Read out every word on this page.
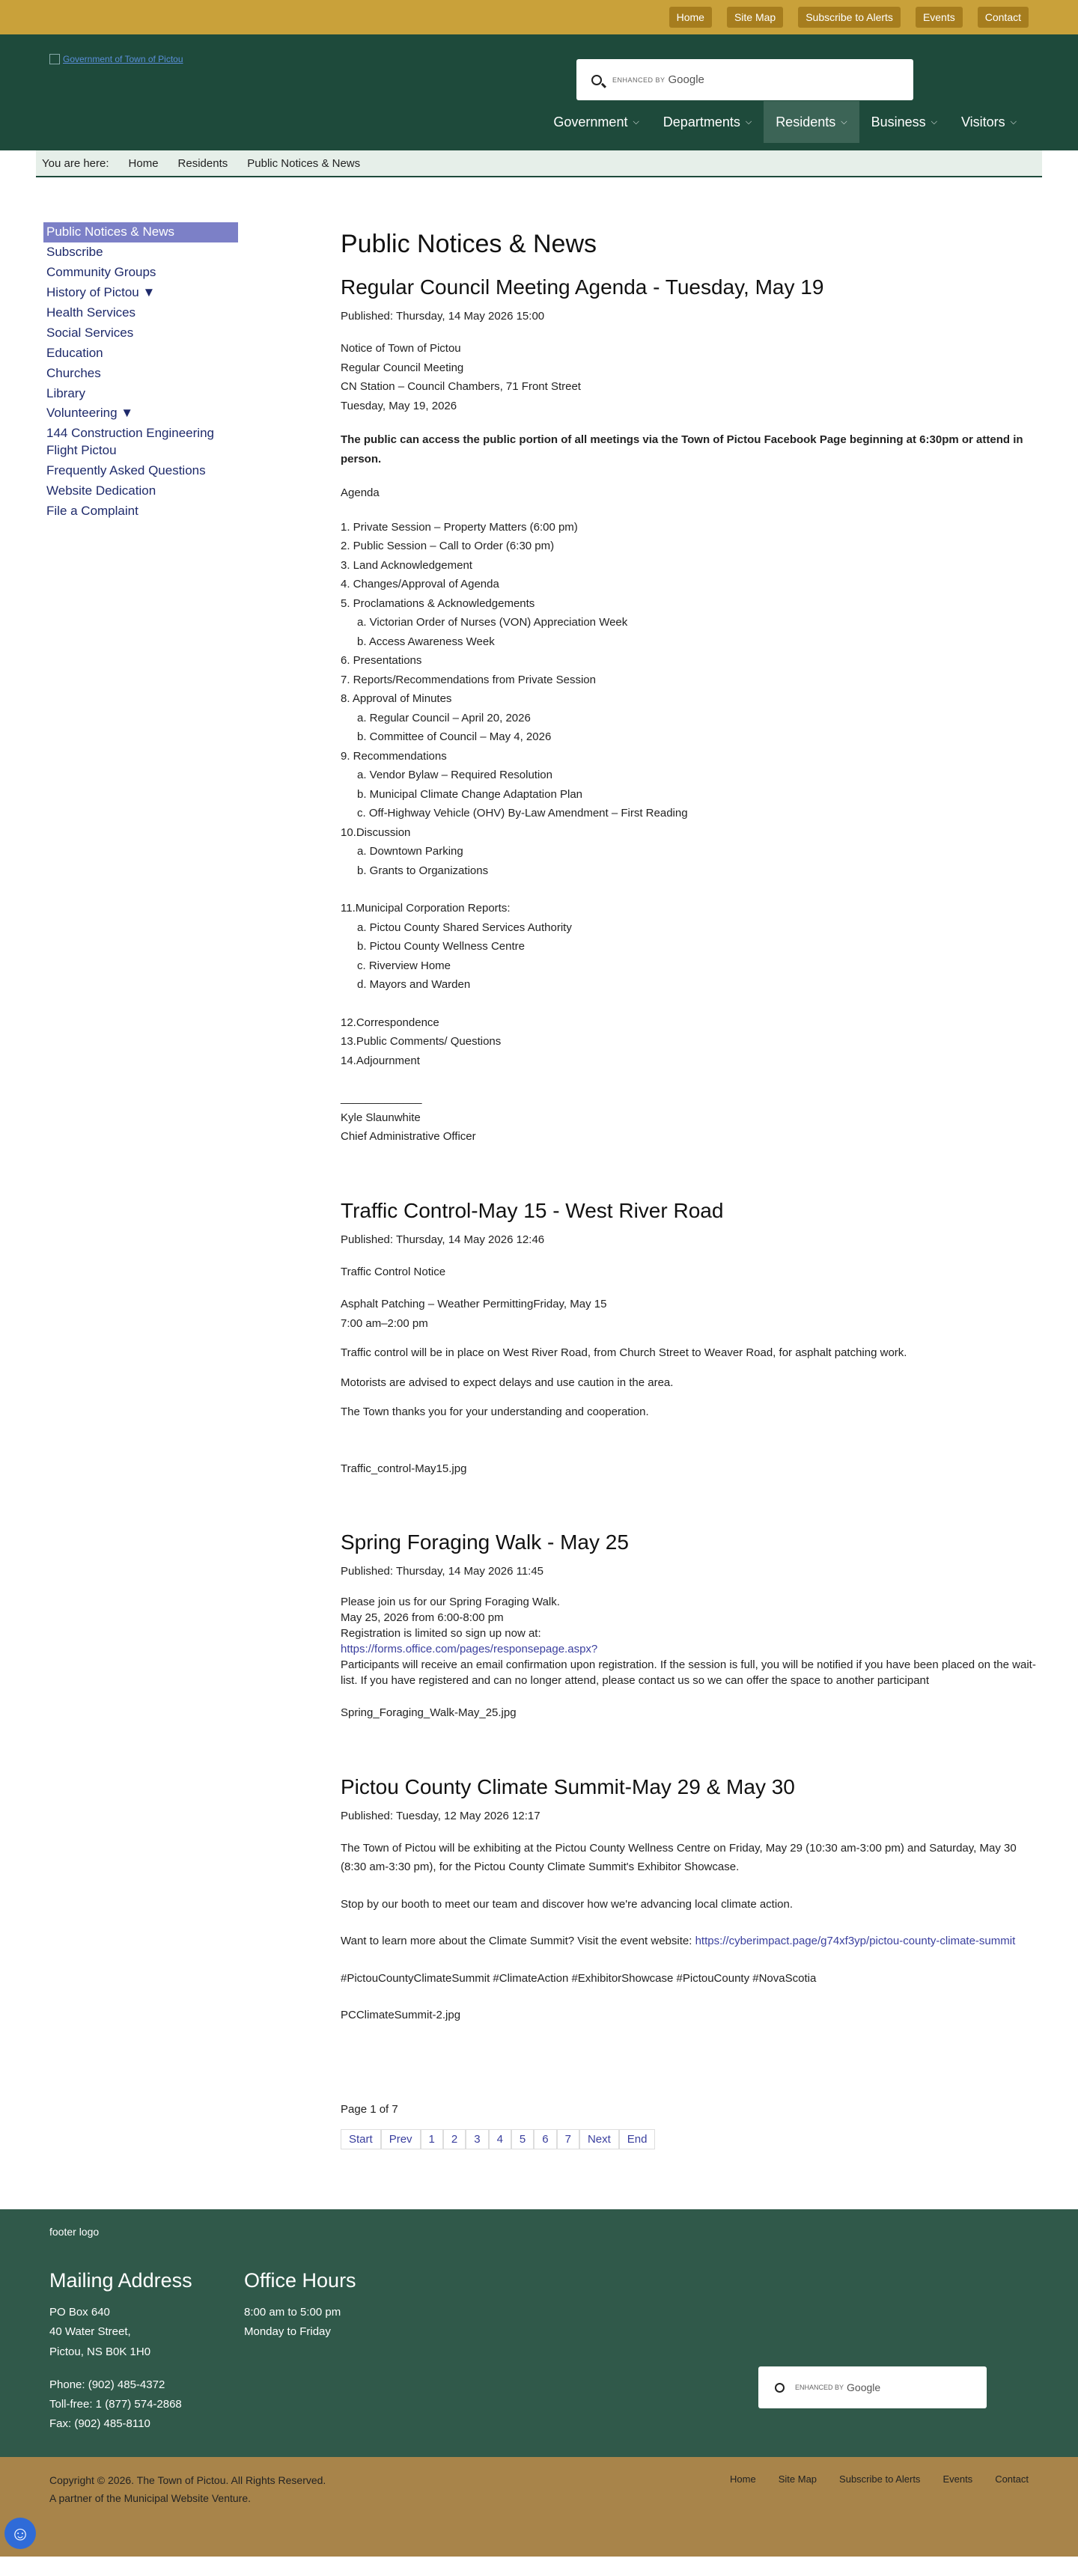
Home	Site Map	Subscribe to Alerts	Events	Contact
Government of Town of Pictou
ENHANCED BY Google
Government ⌵ Departments ⌵ Residents ⌵ Business ⌵ Visitors ⌵
You are here: Home Residents Public Notices & News
Public Notices & News
Subscribe
Community Groups
History of Pictou ▼
Health Services
Social Services
Education
Churches
Library
Volunteering ▼
144 Construction Engineering Flight Pictou
Frequently Asked Questions
Website Dedication
File a Complaint
Public Notices & News
Regular Council Meeting Agenda - Tuesday, May 19
Published: Thursday, 14 May 2026 15:00

Notice of Town of Pictou

Regular Council Meeting

CN Station – Council Chambers, 71 Front Street

Tuesday, May 19, 2026

The public can access the public portion of all meetings via the Town of Pictou Facebook Page beginning at 6:30pm or attend in person.

Agenda

1. Private Session – Property Matters (6:00 pm)
2. Public Session – Call to Order (6:30 pm)
3. Land Acknowledgement
4. Changes/Approval of Agenda
5. Proclamations & Acknowledgements
a. Victorian Order of Nurses (VON) Appreciation Week
b. Access Awareness Week
6. Presentations
7. Reports/Recommendations from Private Session
8. Approval of Minutes
a. Regular Council – April 20, 2026
b. Committee of Council – May 4, 2026
9. Recommendations
a. Vendor Bylaw – Required Resolution
b. Municipal Climate Change Adaptation Plan
c. Off-Highway Vehicle (OHV) By-Law Amendment – First Reading
10.Discussion
a. Downtown Parking
b. Grants to Organizations
11.Municipal Corporation Reports:
a. Pictou County Shared Services Authority
b. Pictou County Wellness Centre
c. Riverview Home
d. Mayors and Warden
12.Correspondence
13.Public Comments/ Questions
14.Adjournment

_____________

Kyle Slaunwhite

Chief Administrative Officer

Traffic Control-May 15 - West River Road
Published: Thursday, 14 May 2026 12:46

Traffic Control Notice

Asphalt Patching – Weather PermittingFriday, May 15

7:00 am–2:00 pm

Traffic control will be in place on West River Road, from Church Street to Weaver Road, for asphalt patching work.

Motorists are advised to expect delays and use caution in the area.

The Town thanks you for your understanding and cooperation.

Traffic_control-May15.jpg

Spring Foraging Walk - May 25
Published: Thursday, 14 May 2026 11:45

Please join us for our Spring Foraging Walk.

May 25, 2026 from 6:00-8:00 pm

Registration is limited so sign up now at:

https://forms.office.com/pages/responsepage.aspx?

Participants will receive an email confirmation upon registration. If the session is full, you will be notified if you have been placed on the wait-list. If you have registered and can no longer attend, please contact us so we can offer the space to another participant

Spring_Foraging_Walk-May_25.jpg

Pictou County Climate Summit-May 29 & May 30
Published: Tuesday, 12 May 2026 12:17

The Town of Pictou will be exhibiting at the Pictou County Wellness Centre on Friday, May 29 (10:30 am-3:00 pm) and Saturday, May 30 (8:30 am-3:30 pm), for the Pictou County Climate Summit's Exhibitor Showcase.

Stop by our booth to meet our team and discover how we're advancing local climate action.

Want to learn more about the Climate Summit? Visit the event website: https://cyberimpact.page/g74xf3yp/pictou-county-climate-summit

#PictouCountyClimateSummit #ClimateAction #ExhibitorShowcase #PictouCounty #NovaScotia

PCClimateSummit-2.jpg

Page 1 of 7

Start	Prev	1	2	3	4	5	6	7	Next	End
footer logo
Mailing Address

PO Box 640

40 Water Street,

Pictou, NS B0K 1H0

Phone: (902) 485-4372

Toll-free: 1 (877) 574-2868

Fax: (902) 485-8110

Office Hours

8:00 am to 5:00 pm

Monday to Friday

ENHANCED BY Google
Copyright © 2026. The Town of Pictou. All Rights Reserved.
A partner of the Municipal Website Venture.
Home Site Map Subscribe to Alerts Events Contact
☺
